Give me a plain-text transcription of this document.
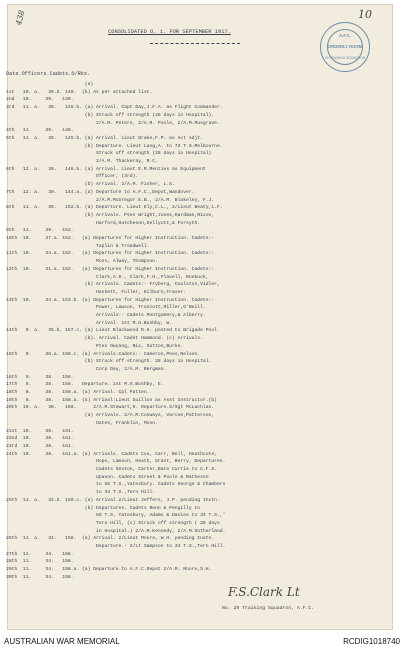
10
438
A.F.C.
ORDERLY ROOM
29 TRAINING SQUADRON
CONSOLIDATED O. 1. FOR SEPTEMBER 1917.
Date.Officers.Cadets.O/Rks.
(a)
1st   10. a.   39.b. 149.  (b) As per attached list.
2nd   10.     39.   149.
3rd   11. a.   39.   146.b. (a) Arrival. Capt Day,J.F.A. as Flight Commander.
(b) Struck off strength (28 days in Hospital).
2/A.M. Peters, 2/A.M. Poole, 2/A.M.Musgrave.
4th   11.     39.   146.
5th   11. a.   39.   145.b. (a) Arrival. Lieut Drake,F.P. as Act Adjt.
(b) Departure. Lieut Lang,A. to 73 T.S.Melbourne.
Struck off strength (28 days in Hospital)
2/A.M. Thackeray, R.C.
6th   12. a.   39.   146.b. (a) Arrival. Lieut E.R.Menzies as Equipment
Officer, (3rd).
(b) Arrival. 2/A.M. Fisher, L.S.
7th   12. a.   39.   144.a. (a) Departure to A.F.C.,Depot,Wandover.
2/A.M.McGregor E.B., 2/A.M. Blakeley, F.J.
8th   11. a.   39.   152.b. (a) Departure. Lieut Ely,C.L., 2/Lieut Beaty,L.F.
(b) Arrivals. Ptes Wright,Jones,Hardman,Nixon,
Harford,Hutcheson,Gellyott,& Forsyth.
9th   11.     39.   152.
10th  10.     37.a. 152.   (a) Departures for Higher Instruction. Cadets:-
Taplin & Treadwell.
11th  10.     34.a. 152.   (a) Departures for Higher Instruction. Cadets:-
Moss, Alway, Thompson.
12th  10.     31.a. 152.   (a) Departures for Higher Instruction. Cadets:-
Clark,A.D., Clark,F.H.,Flavell, Roebuck,
(b) Arrivals. Cadets:- Fryberg, Coulston,Vidler,
Haskett, Fuller, Kilburn,Fraser.
13th  10.     34.a. 153.b. (a) Departures for Higher Instruction. Cadets:-
Power, Lawson, Truscott,Miller,O'Neill.
Arrivals:- Cadets Montgomery,& Alberry.
Arrival. 1st M.O.Bushby, W.
14th   9. a.   35.b. 157.c. (a) Lieut Blackwood R.H. posted to Brigade Pool
(b). Arrival. Cadet Hammond. (c) Arrivals.
Ptes Owyang, Nix, Sutton,Burke.
15th   9.     36.a. 158.c. (a) Arrivals.Cadets:- Cameron,Pees,Nelson.
(b) Struck off strength. 28 days in Hospital.
Corp Day, 2/A.M. Bergman.
16th   9.     38.   158.
17th   9.     38.   158.   Departure. 1st M.O.Bushby, E.
18th   8.     38.   158.a. (a) Arrival. Cpl Patten.
19th   8.     38.   158.a. (a) Arrival:Lieut Guillon as Asst Instructor.(b)
20th  10. a.   38.   158.      2/A.M.Stewart,H. Departure.S/Sgt McLachlan.
(a) Arrivals. 2/A.M.Conways, Varcoe,Patterson,
Oates, Franklin, Moon.
21st  10.     38.   161.
22nd  10.     38.   161.
23rd  10.     38.   161.
24th  10.     38.   161.a. (a) Arrivals. Cadets Cox, Carr, Bell, Heathcote,
Hope, Lamson, Heath, Grant, Berry, Departures.
Cadets Sexton, Carter,Bate Currie to C.F.S.
Upavon. Cadets Street & Poole & Matheson
to 56 T.S.,Yatesbury. Cadets George & Chambers
to 34 T.S.,Tern Hill.
25th  11. a.   34.b. 159.c. (a) Arrival.2/Lieut Jeffers, J.P. pending Instn.
(b) Departures. Cadets Renn & Pengilly to
56 T.S. Yatesbury, Adams & Davies to 34 T.S.,'
Tern Hill, (c) Struck off strength ( 28 days
in Hospital.) 2/A.M.Kennedy, 2/A.M.Sutherland.
26th  11. a.   34.   158.  (a) Arrival. 2/Lieut Moore, W.H. pending Instn.
Departure.- 2/Lt Sampson to 34 T.S.,Tern Hill.
27th  11.     34.   158.
28th  11.     34.   158.
29th  11.     34.   158.a. (a) Departure.to A.F.C.Depot 2/A.M. Moore,S.H.
30th  11.     34.   158.
F.S.Clark Lt
No. 29 Training Squadron, A.F.C.
AUSTRALIAN WAR MEMORIAL	RCDIG1018740
